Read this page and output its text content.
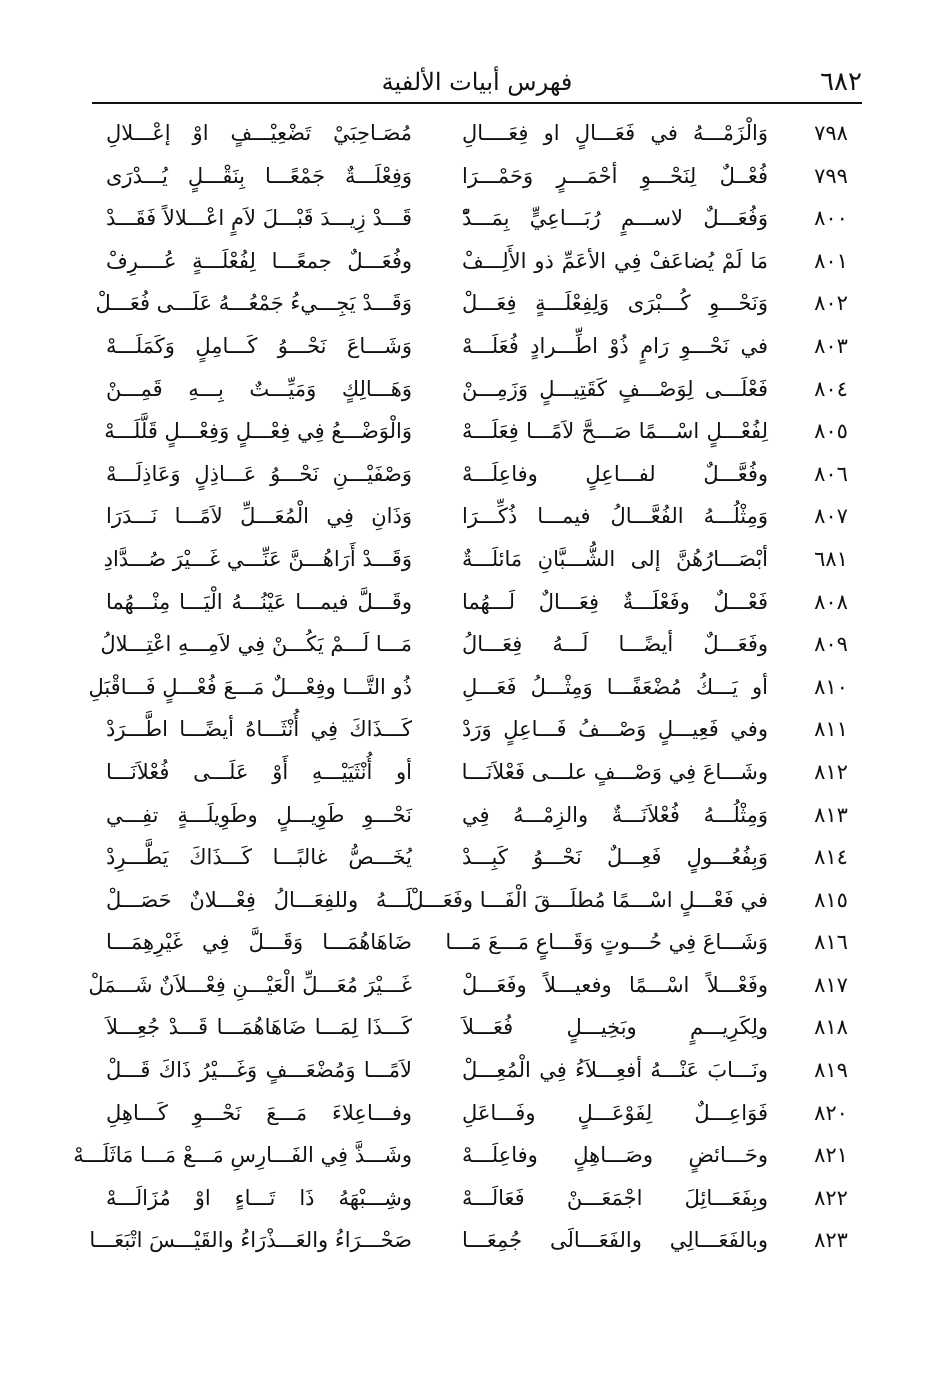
٦٨٢
فهرس أبيات الألفية
٧٩٨
وَالْزَمْـــهُ في فَعَـــالٍ او فِعَــــالِ
مُصَـاحِبَيْ تَضْعِيْـــفٍ اوْ إعْـــلالِ
٧٩٩
فُعْــلٌ لِنَحْـــوِ أحْمَـــرٍ وَحَمْـــرَا
وَفِعْلَـــةٌ جَمْعًـــا بِنَقْـــلٍ يُـــدْرَى
٨٠٠
وَفُعَـــلٌ لاســـمٍ رُبَـــاعِيٍّ بِمَـــدّْ
قَـــدْ زِيـــدَ قَبْـــلَ لاَمٍ اعْـــلالاً فَقَـــدْ
٨٠١
مَا لَمْ يُضاعَفْ فِي الأعَمِّ ذو الأَلِـــفْ
وفُعَـــلٌ جمعًـــا لِفُعْلَـــةٍ عُــــرِفْ
٨٠٢
وَنَحْـــوِ كُـــبْرَى وَلِفِعْلَـــةٍ فِعَـــلْ
وَقَـــدْ يَجِـــيءُ جَمْعُـــهُ عَلَـــى فُعَـــلْ
٨٠٣
في نَحْـــوِ رَامٍ ذُوْ اطِّـــرادٍ فُعَلَـــهْ
وَشَـــاعَ نَحْـــوُ كَـــامِلٍ وَكَمَلَـــهْ
٨٠٤
فَعْلَـــى لِوَصْـــفٍ كَقَتِيـــلٍ وَزَمِـــنْ
وَهَـــالِكٍ وَمَيِّـــتٌ بِـــهِ قَمِـــنْ
٨٠٥
لِفُعْـــلٍ اسْـــمًا صَـــحَّ لاَمًـــا فِعَلَـــهْ
وَالْوَضْـــعُ فِي فِعْـــلٍ وَفِعْـــلٍ قَلَّلَـــهْ
٨٠٦
وفُعَّـــلٌ لفـــاعِلٍ وفاعِلَـــهْ
وَصْفَيْـــنِ نَحْـــوُ عَـــاذِلٍ وَعَاذِلَـــهْ
٨٠٧
وَمِثْلُـــهُ الفُعَّـــالُ فيمـــا ذُكِّـــرَا
وَذَانِ فِي الْمُعَـــلِّ لاَمًـــا نَـــدَرَا
٦٨١
أبْصَـــارُهُنَّ إلى الشُّـــبَّانِ مَائلَـــةٌ
وَقَـــدْ أَرَاهُـــنَّ عَنِّـــي غَـــيْرَ صُـــدَّادِ
٨٠٨
فَعْـــلٌ وفَعْلَـــةٌ فِعَـــالٌ لَـــهُما
وقَـــلَّ فيمـــا عَيْنُـــهُ الْيَـــا مِنْـــهُما
٨٠٩
وفَعَـــلٌ أيضًـــا لَـــهُ فِعَـــالُ
مَـــا لَـــمْ يَكُـــنْ فِي لاَمِـــهِ اعْتِـــلالُ
٨١٠
أو يَـــكُ مُضْعَفًـــا وَمِثْـــلُ فَعَـــلِ
ذُو التَّـــا وفِعْـــلٌ مَـــعَ فُعْـــلٍ فَـــاقْبَلِ
٨١١
وفي فَعِيـــلٍ وَصْـــفُ فَـــاعِلٍ وَرَدْ
كَـــذَاكَ فِي أُنْثَـــاهُ أيضًـــا اطَّـــرَدْ
٨١٢
وشَـــاعَ فِي وَصْـــفٍ علـــى فَعْلاَنَـــا
أو أُنْثَيَيْـــهِ أَوْ عَلَـــى فُعْلاَنَـــا
٨١٣
وَمِثْلُـــهُ فُعْلاَنَـــةٌ والزِمْـــهُ فِي
نَحْـــوِ طَوِيـــلٍ وطَوِيلَـــةٍ تفِـــي
٨١٤
وَبِفُعُـــولٍ فَعِـــلٌ نَحْـــوُ كَبِـــدْ
يُخَـــصُّ غالبًـــا كَـــذَاكَ يَطَّـــرِدْ
٨١٥
في فَعْـــلٍ اسْـــمًا مُطلَـــقَ الْفَـــا وفَعَـــلْ
لَـــهُ وللفِعَـــالُ فِعْـــلانٌ حَصَـــلْ
٨١٦
وَشَـــاعَ فِي حُـــوتٍ وَقَـــاعٍ مَـــعَ مَـــا
ضَاهَاهُمَـــا وَقَـــلَّ فِي غَيْرِهِمَـــا
٨١٧
وفَعْـــلاً اسْـــمًا وفعيـــلاً وفَعَـــلْ
غَـــيْرَ مُعَـــلِّ الْعَيْـــنِ فِعْـــلاَنٌ شَـــمَلْ
٨١٨
ولِكَرِيـــمٍ وبَخِيـــلٍ فُعَـــلاَ
كَـــذَا لِمَـــا ضَاهَاهُمَـــا قَـــدْ جُعِـــلاَ
٨١٩
ونَـــابَ عَنْـــهُ أفعِـــلاَءُ فِي الْمُعِـــلْ
لاَمًـــا وَمُضْعَـــفٍ وَغَـــيْرُ ذَاكَ قَـــلْ
٨٢٠
فَوَاعِـــلٌ لِفَوْعَـــلٍ وفَـــاعَلِ
وفـــاعِلاءَ مَـــعَ نَحْـــوِ كَـــاهِلِ
٨٢١
وحَـــائضٍ وصَـــاهِلٍ وفاعِلَـــهْ
وشَـــذَّ فِي الفَـــارِسِ مَـــعْ مَـــا مَاثَلَـــهْ
٨٢٢
وبِفَعَـــائِلَ اجْمَعَـــنْ فَعَالَـــهْ
وشِـــبْهَهُ ذَا تَـــاءٍ اوْ مُزَالَـــهْ
٨٢٣
وبالفَعَـــالِي والفَعَـــالَى جُمِعَـــا
صَحْـــرَاءُ والعَـــذْرَاءُ والقَيْـــسَ اتْبَعَـــا
